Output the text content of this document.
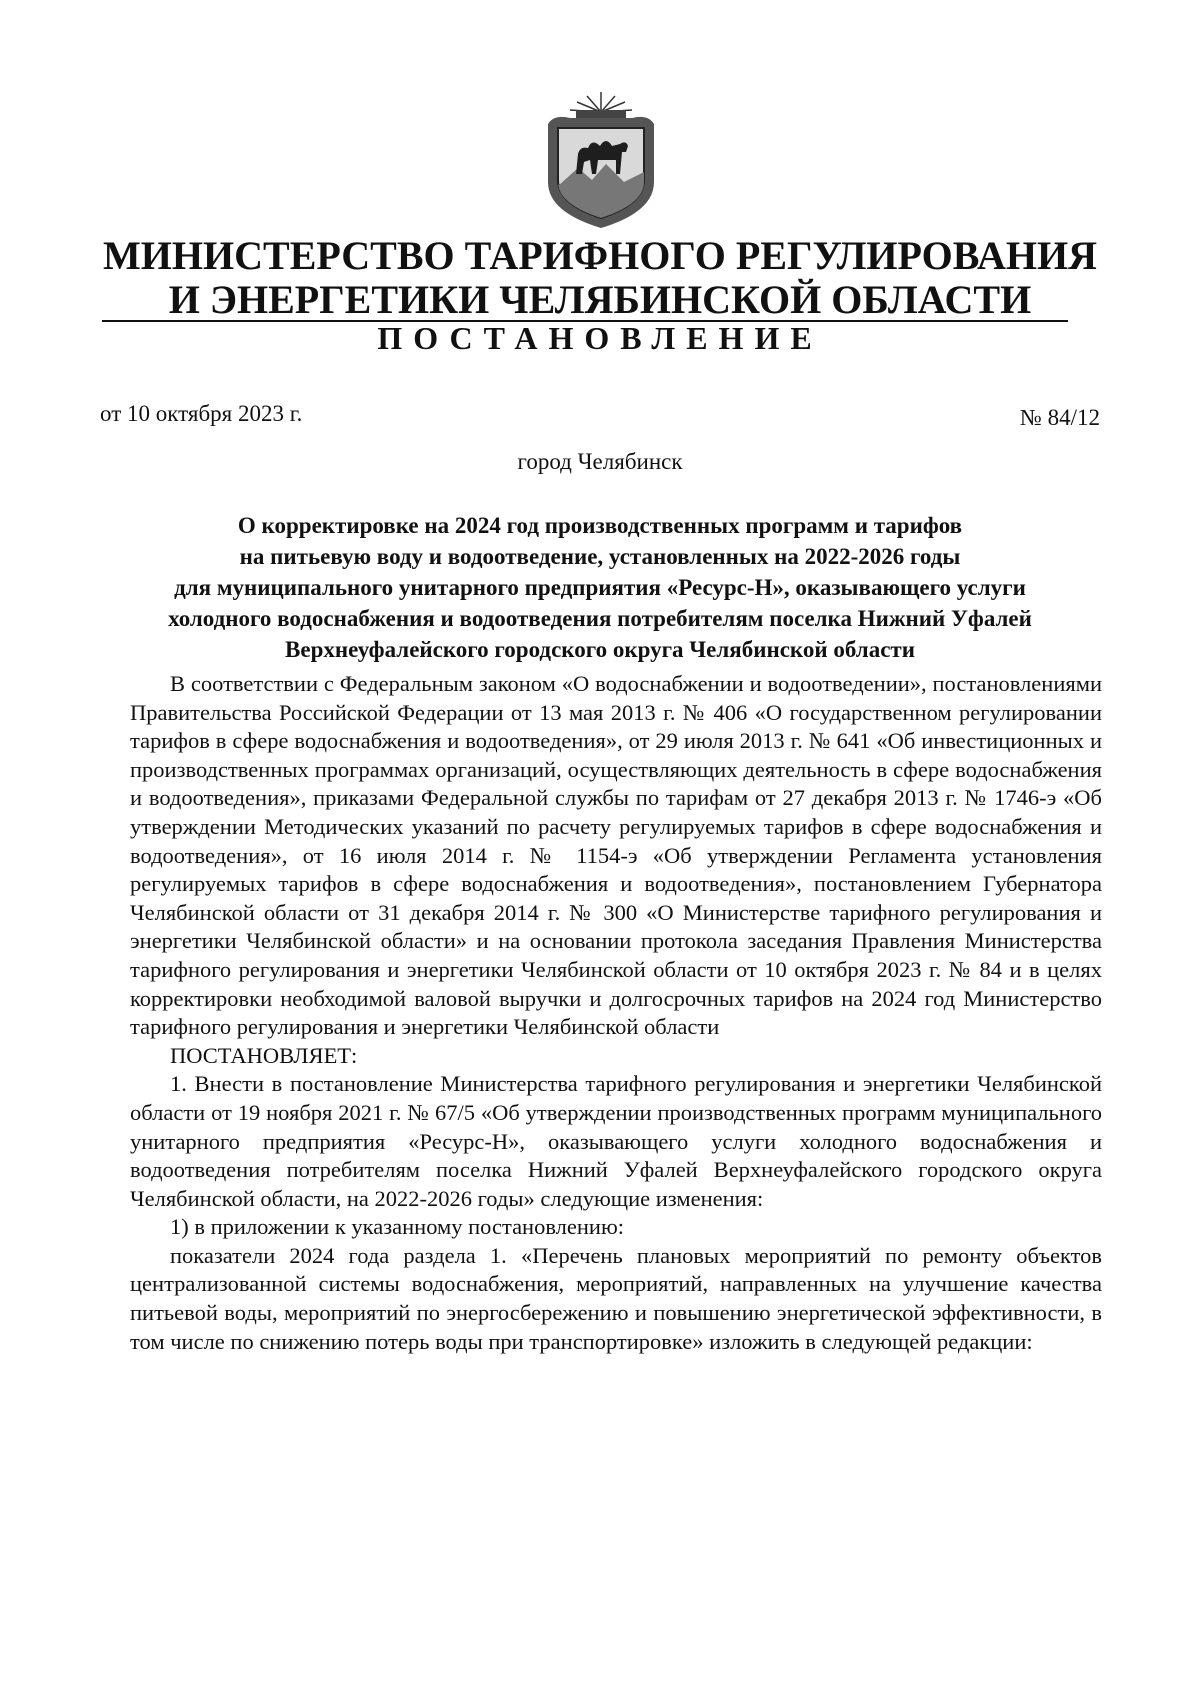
МИНИСТЕРСТВО ТАРИФНОГО РЕГУЛИРОВАНИЯ
И ЭНЕРГЕТИКИ ЧЕЛЯБИНСКОЙ ОБЛАСТИ
ПОСТАНОВЛЕНИЕ
от 10 октября 2023 г.	№ 84/12
город Челябинск
О корректировке на 2024 год производственных программ и тарифов
на питьевую воду и водоотведение, установленных на 2022-2026 годы
для муниципального унитарного предприятия «Ресурс-Н», оказывающего услуги
холодного водоснабжения и водоотведения потребителям поселка Нижний Уфалей
Верхнеуфалейского городского округа Челябинской области

В соответствии с Федеральным законом «О водоснабжении и водоотведении», постановлениями Правительства Российской Федерации от 13 мая 2013 г. № 406 «О государственном регулировании тарифов в сфере водоснабжения и водоотведения», от 29 июля 2013 г. № 641 «Об инвестиционных и производственных программах организаций, осуществляющих деятельность в сфере водоснабжения и водоотведения», приказами Федеральной службы по тарифам от 27 декабря 2013 г. № 1746-э «Об утверждении Методических указаний по расчету регулируемых тарифов в сфере водоснабжения и водоотведения», от 16 июля 2014 г. № 1154-э «Об утверждении Регламента установления регулируемых тарифов в сфере водоснабжения и водоотведения», постановлением Губернатора Челябинской области от 31 декабря 2014 г. № 300 «О Министерстве тарифного регулирования и энергетики Челябинской области» и на основании протокола заседания Правления Министерства тарифного регулирования и энергетики Челябинской области от 10 октября 2023 г. № 84 и в целях корректировки необходимой валовой выручки и долгосрочных тарифов на 2024 год Министерство тарифного регулирования и энергетики Челябинской области

ПОСТАНОВЛЯЕТ:

1. Внести в постановление Министерства тарифного регулирования и энергетики Челябинской области от 19 ноября 2021 г. № 67/5 «Об утверждении производственных программ муниципального унитарного предприятия «Ресурс-Н», оказывающего услуги холодного водоснабжения и водоотведения потребителям поселка Нижний Уфалей Верхнеуфалейского городского округа Челябинской области, на 2022-2026 годы» следующие изменения:

1) в приложении к указанному постановлению:

показатели 2024 года раздела 1. «Перечень плановых мероприятий по ремонту объектов централизованной системы водоснабжения, мероприятий, направленных на улучшение качества питьевой воды, мероприятий по энергосбережению и повышению энергетической эффективности, в том числе по снижению потерь воды при транспортировке» изложить в следующей редакции:
